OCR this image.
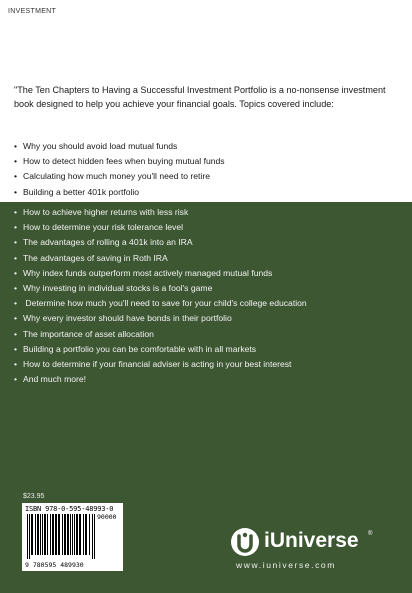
INVESTMENT
"The Ten Chapters to Having a Successful Investment Portfolio is a no-nonsense investment book designed to help you achieve your financial goals. Topics covered include:
• Why you should avoid load mutual funds
• How to detect hidden fees when buying mutual funds
• Calculating how much money you'll need to retire
• Building a better 401k portfolio
• How to achieve higher returns with less risk
• How to determine your risk tolerance level
• The advantages of rolling a 401k into an IRA
• The advantages of saving in Roth IRA
• Why index funds outperform most actively managed mutual funds
• Why investing in individual stocks is a fool's game
• Determine how much you'll need to save for your child's college education
• Why every investor should have bonds in their portfolio
• The importance of asset allocation
• Building a portfolio you can be comfortable with in all markets
• How to determine if your financial adviser is acting in your best interest
• And much more!
$23.95
ISBN 978-0-595-48993-0
90000
9 780595 489930
iUniverse ®
www.iuniverse.com
